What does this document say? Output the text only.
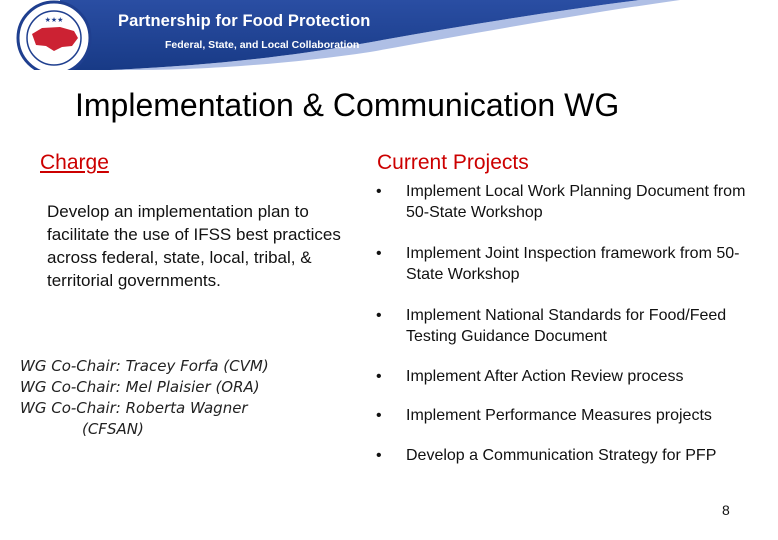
★★★	Partnership for Food Protection
Federal, State, and Local Collaboration
Implementation & Communication WG
Charge
Develop an implementation plan to facilitate the use of IFSS best practices across federal, state, local, tribal, & territorial governments.
WG Co-Chair: Tracey Forfa (CVM)
WG Co-Chair: Mel Plaisier (ORA)
WG Co-Chair: Roberta Wagner
(CFSAN)
Current Projects
• Implement Local Work Planning Document from 50-State Workshop
• Implement Joint Inspection framework from 50-State Workshop
• Implement National Standards for Food/Feed Testing Guidance Document
• Implement After Action Review process
• Implement Performance Measures projects
• Develop a Communication Strategy for PFP
8
